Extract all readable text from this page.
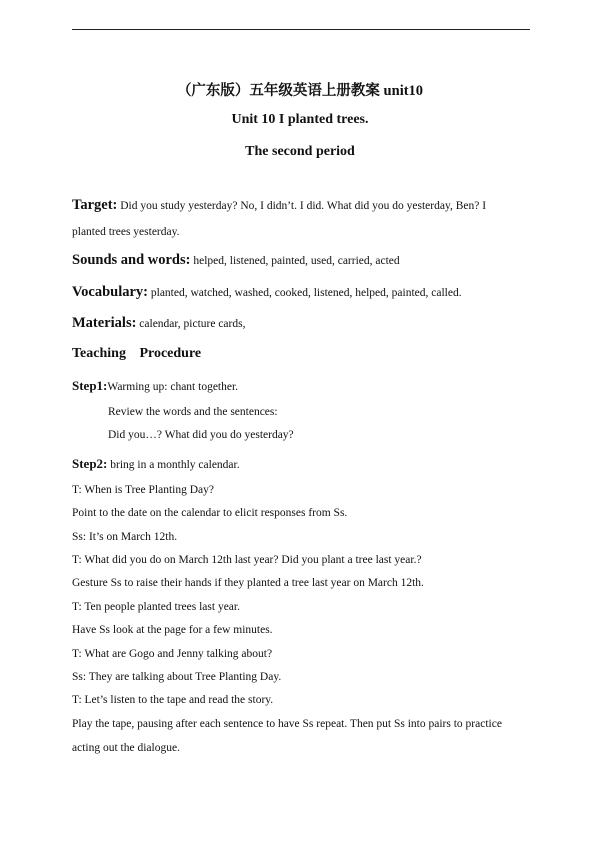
（广东版）五年级英语上册教案 unit10
Unit 10 I planted trees.
The second period
Target: Did you study yesterday? No, I didn’t. I did. What did you do yesterday, Ben? I
planted trees yesterday.
Sounds and words: helped, listened, painted, used, carried, acted
Vocabulary: planted, watched, washed, cooked, listened, helped, painted, called.
Materials: calendar, picture cards,
Teaching Procedure
Step1:Warming up: chant together.
Review the words and the sentences:
Did you…? What did you do yesterday?
Step2: bring in a monthly calendar.
T: When is Tree Planting Day?
Point to the date on the calendar to elicit responses from Ss.
Ss: It’s on March 12th.
T: What did you do on March 12th last year? Did you plant a tree last year.?
Gesture Ss to raise their hands if they planted a tree last year on March 12th.
T: Ten people planted trees last year.
Have Ss look at the page for a few minutes.
T: What are Gogo and Jenny talking about?
Ss: They are talking about Tree Planting Day.
T: Let’s listen to the tape and read the story.
Play the tape, pausing after each sentence to have Ss repeat. Then put Ss into pairs to practice
acting out the dialogue.
